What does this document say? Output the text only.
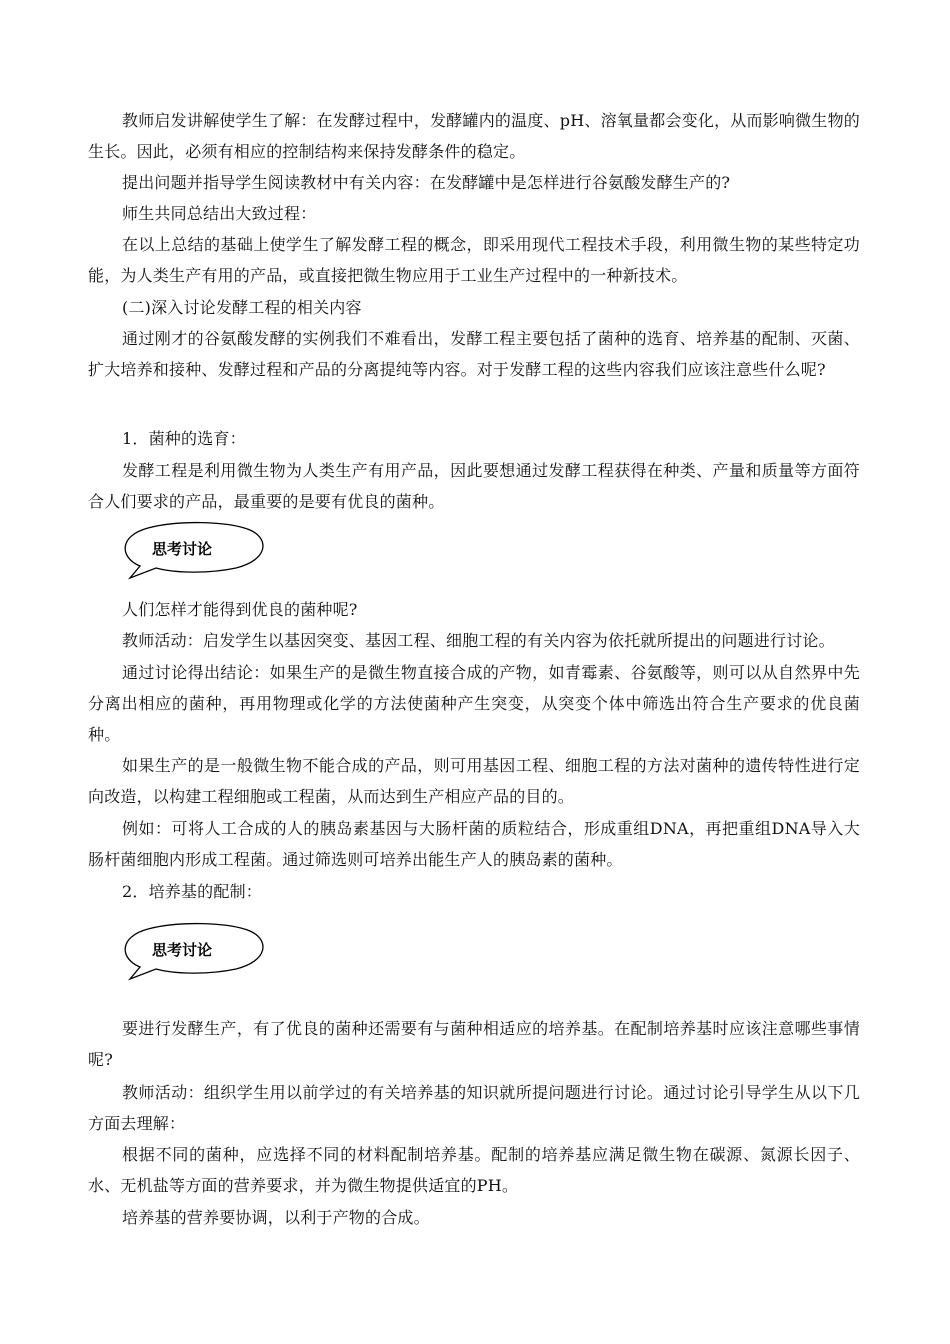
教师启发讲解使学生了解：在发酵过程中，发酵罐内的温度、pH、溶氧量都会变化，从而影响微生物的生长。因此，必须有相应的控制结构来保持发酵条件的稳定。

提出问题并指导学生阅读教材中有关内容：在发酵罐中是怎样进行谷氨酸发酵生产的?

师生共同总结出大致过程：

在以上总结的基础上使学生了解发酵工程的概念，即采用现代工程技术手段，利用微生物的某些特定功能，为人类生产有用的产品，或直接把微生物应用于工业生产过程中的一种新技术。

(二)深入讨论发酵工程的相关内容

通过刚才的谷氨酸发酵的实例我们不难看出，发酵工程主要包括了菌种的选育、培养基的配制、灭菌、扩大培养和接种、发酵过程和产品的分离提纯等内容。对于发酵工程的这些内容我们应该注意些什么呢?

1．菌种的选育：

发酵工程是利用微生物为人类生产有用产品，因此要想通过发酵工程获得在种类、产量和质量等方面符合人们要求的产品，最重要的是要有优良的菌种。

思考讨论

人们怎样才能得到优良的菌种呢?

教师活动：启发学生以基因突变、基因工程、细胞工程的有关内容为依托就所提出的问题进行讨论。

通过讨论得出结论：如果生产的是微生物直接合成的产物，如青霉素、谷氨酸等，则可以从自然界中先分离出相应的菌种，再用物理或化学的方法使菌种产生突变，从突变个体中筛选出符合生产要求的优良菌种。

如果生产的是一般微生物不能合成的产品，则可用基因工程、细胞工程的方法对菌种的遗传特性进行定向改造，以构建工程细胞或工程菌，从而达到生产相应产品的目的。

例如：可将人工合成的人的胰岛素基因与大肠杆菌的质粒结合，形成重组DNA，再把重组DNA导入大肠杆菌细胞内形成工程菌。通过筛选则可培养出能生产人的胰岛素的菌种。

2．培养基的配制：

思考讨论

要进行发酵生产，有了优良的菌种还需要有与菌种相适应的培养基。在配制培养基时应该注意哪些事情呢?

教师活动：组织学生用以前学过的有关培养基的知识就所提问题进行讨论。通过讨论引导学生从以下几方面去理解：

根据不同的菌种，应选择不同的材料配制培养基。配制的培养基应满足微生物在碳源、氮源长因子、水、无机盐等方面的营养要求，并为微生物提供适宜的PH。

培养基的营养要协调，以利于产物的合成。
